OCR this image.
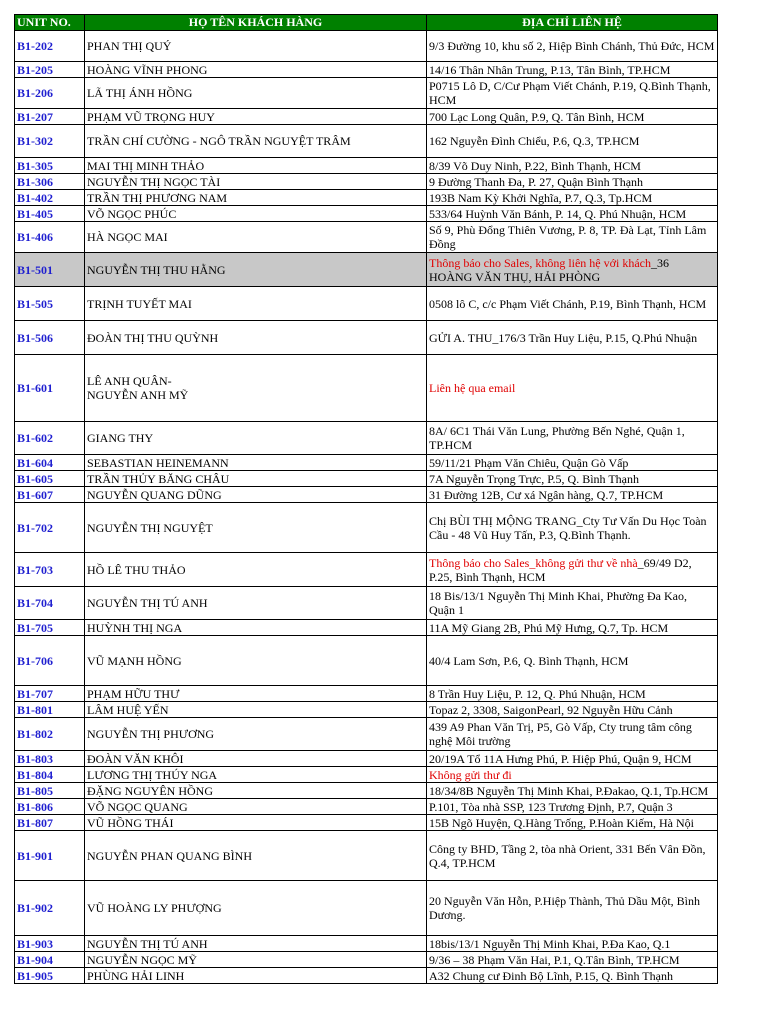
UNIT NO.	HỌ TÊN KHÁCH HÀNG	ĐỊA CHỈ LIÊN HỆ
B1-202	PHAN THỊ QUÝ	9/3 Đường 10, khu số 2, Hiệp Bình Chánh, Thủ Đức, HCM
B1-205	HOÀNG VĨNH PHONG	14/16 Thân Nhân Trung, P.13, Tân Bình, TP.HCM
B1-206	LÃ THỊ ÁNH HỒNG	P0715 Lô D, C/Cư Phạm Viết Chánh, P.19, Q.Bình Thạnh, HCM
B1-207	PHẠM VŨ TRỌNG HUY	700 Lạc Long Quân, P.9, Q. Tân Bình, HCM
B1-302	TRẦN CHÍ CƯỜNG - NGÔ TRẦN NGUYỆT TRÂM	162 Nguyễn Đình Chiểu, P.6, Q.3, TP.HCM
B1-305	MAI THỊ MINH THẢO	8/39 Võ Duy Ninh, P.22, Bình Thạnh, HCM
B1-306	NGUYỄN THỊ NGỌC TÀI	9 Đường Thanh Đa, P. 27, Quận Bình Thạnh
B1-402	TRẦN THỊ PHƯƠNG NAM	193B Nam Kỳ Khởi Nghĩa, P.7, Q.3, Tp.HCM
B1-405	VÕ NGỌC PHÚC	533/64 Huỳnh Văn Bánh, P. 14, Q. Phú Nhuận, HCM
B1-406	HÀ NGỌC MAI	Số 9, Phù Đổng Thiên Vương, P. 8, TP. Đà Lạt, Tỉnh Lâm Đồng
B1-501	NGUYỄN THỊ THU HẰNG	Thông báo cho Sales, không liên hệ với khách_36 HOÀNG VĂN THỤ, HẢI PHÒNG
B1-505	TRỊNH TUYẾT MAI	0508 lô C, c/c Phạm Viết Chánh, P.19, Bình Thạnh, HCM
B1-506	ĐOÀN THỊ THU QUỲNH	GỬI A. THU_176/3 Trần Huy Liệu, P.15, Q.Phú Nhuận
B1-601	LÊ ANH QUÂN-
NGUYỄN ANH MỸ	Liên hệ qua email
B1-602	GIANG THY	8A/ 6C1 Thái Văn Lung, Phường Bến Nghé, Quận 1, TP.HCM
B1-604	SEBASTIAN HEINEMANN	59/11/21 Phạm Văn Chiêu, Quận Gò Vấp
B1-605	TRẦN THỦY BĂNG CHÂU	7A Nguyễn Trọng Trực, P.5, Q. Bình Thạnh
B1-607	NGUYỄN QUANG DŨNG	31 Đường 12B, Cư xá Ngân hàng, Q.7, TP.HCM
B1-702	NGUYỄN THỊ NGUYỆT	Chị BÙI THỊ MỘNG TRANG_Cty Tư Vấn Du Học Toàn Cầu - 48 Vũ Huy Tấn, P.3, Q.Bình Thạnh.
B1-703	HỒ LÊ THU THẢO	Thông báo cho Sales_không gửi thư về nhà_69/49 D2, P.25, Bình Thạnh, HCM
B1-704	NGUYỄN THỊ TÚ ANH	18 Bis/13/1 Nguyễn Thị Minh Khai, Phường Đa Kao, Quận 1
B1-705	HUỲNH THỊ NGA	11A Mỹ Giang 2B, Phú Mỹ Hưng, Q.7, Tp. HCM
B1-706	VŨ MẠNH HỒNG	40/4 Lam Sơn, P.6, Q. Bình Thạnh, HCM
B1-707	PHẠM HỮU THƯ	8 Trần Huy Liệu, P. 12, Q. Phú Nhuận, HCM
B1-801	LÂM HUỆ YẾN	Topaz 2, 3308, SaigonPearl, 92 Nguyễn Hữu Cảnh
B1-802	NGUYỄN THỊ PHƯƠNG	439 A9 Phan Văn Trị, P5, Gò Vấp, Cty trung tâm công nghệ Môi trường
B1-803	ĐOÀN VĂN KHÔI	20/19A Tổ 11A Hưng Phú, P. Hiệp Phú, Quận 9, HCM
B1-804	LƯƠNG THỊ THÚY NGA	Không gửi thư đi
B1-805	ĐẶNG NGUYÊN HỒNG	18/34/8B Nguyễn Thị Minh Khai, P.Đakao, Q.1, Tp.HCM
B1-806	VÕ NGỌC QUANG	P.101, Tòa nhà SSP, 123 Trương Định, P.7, Quận 3
B1-807	VŨ HỒNG THÁI	15B Ngõ Huyện, Q.Hàng Trống, P.Hoàn Kiếm, Hà Nội
B1-901	NGUYỄN PHAN QUANG BÌNH	Công ty BHD, Tầng 2, tòa nhà Orient, 331 Bến Vân Đồn, Q.4, TP.HCM
B1-902	VŨ HOÀNG LY PHƯỢNG	20 Nguyễn Văn Hỗn, P.Hiệp Thành, Thủ Dầu Một, Bình Dương.
B1-903	NGUYỄN THỊ TÚ ANH	18bis/13/1 Nguyễn Thị Minh Khai, P.Đa Kao, Q.1
B1-904	NGUYỄN NGỌC MỸ	9/36 – 38 Phạm Văn Hai, P.1, Q.Tân Bình, TP.HCM
B1-905	PHÙNG HẢI LINH	A32 Chung cư Đinh Bộ Lĩnh, P.15, Q. Bình Thạnh
